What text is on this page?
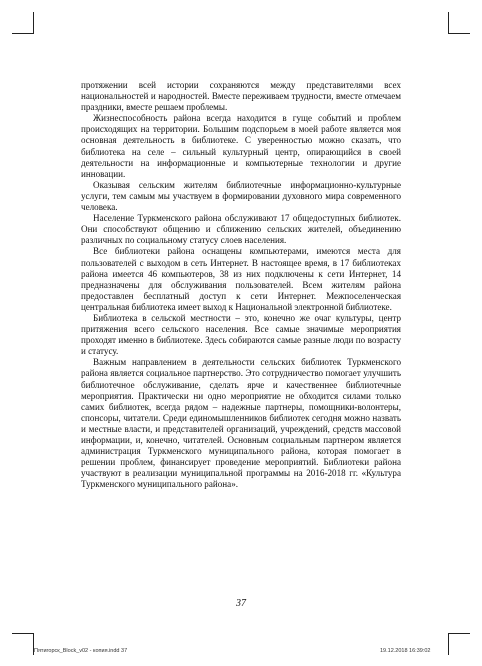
протяжении всей истории сохраняются между представителями всех национальностей и народностей. Вместе переживаем трудности, вместе отмечаем праздники, вместе решаем проблемы.

Жизнеспособность района всегда находится в гуще событий и проблем происходящих на территории. Большим подспорьем в моей работе является моя основная деятельность в библиотеке. С уверенностью можно сказать, что библиотека на селе – сильный культурный центр, опирающийся в своей деятельности на информационные и компьютерные технологии и другие инновации.

Оказывая сельским жителям библиотечные информационно-культурные услуги, тем самым мы участвуем в формировании духовного мира современного человека.

Население Туркменского района обслуживают 17 общедоступных библиотек. Они способствуют общению и сближению сельских жителей, объединению различных по социальному статусу слоев населения.

Все библиотеки района оснащены компьютерами, имеются места для пользователей с выходом в сеть Интернет. В настоящее время, в 17 библиотеках района имеется 46 компьютеров, 38 из них подключены к сети Интернет, 14 предназначены для обслуживания пользователей. Всем жителям района предоставлен бесплатный доступ к сети Интернет. Межпоселенческая центральная библиотека имеет выход к Национальной электронной библиотеке.

Библиотека в сельской местности – это, конечно же очаг культуры, центр притяжения всего сельского населения. Все самые значимые мероприятия проходят именно в библиотеке. Здесь собираются самые разные люди по возрасту и статусу.

Важным направлением в деятельности сельских библиотек Туркменского района является социальное партнерство. Это сотрудничество помогает улучшить библиотечное обслуживание, сделать ярче и качественнее библиотечные мероприятия. Практически ни одно мероприятие не обходится силами только самих библиотек, всегда рядом – надежные партнеры, помощники-волонтеры, спонсоры, читатели. Среди единомышленников библиотек сегодня можно назвать и местные власти, и представителей организаций, учреждений, средств массовой информации, и, конечно, читателей. Основным социальным партнером является администрация Туркменского муниципального района, которая помогает в решении проблем, финансирует проведение мероприятий. Библиотеки района участвуют в реализации муниципальной программы на 2016-2018 гг. «Культура Туркменского муниципального района».

37
Пятигорск_Block_v02 - копия.indd 37	19.12.2018 16:39:02
